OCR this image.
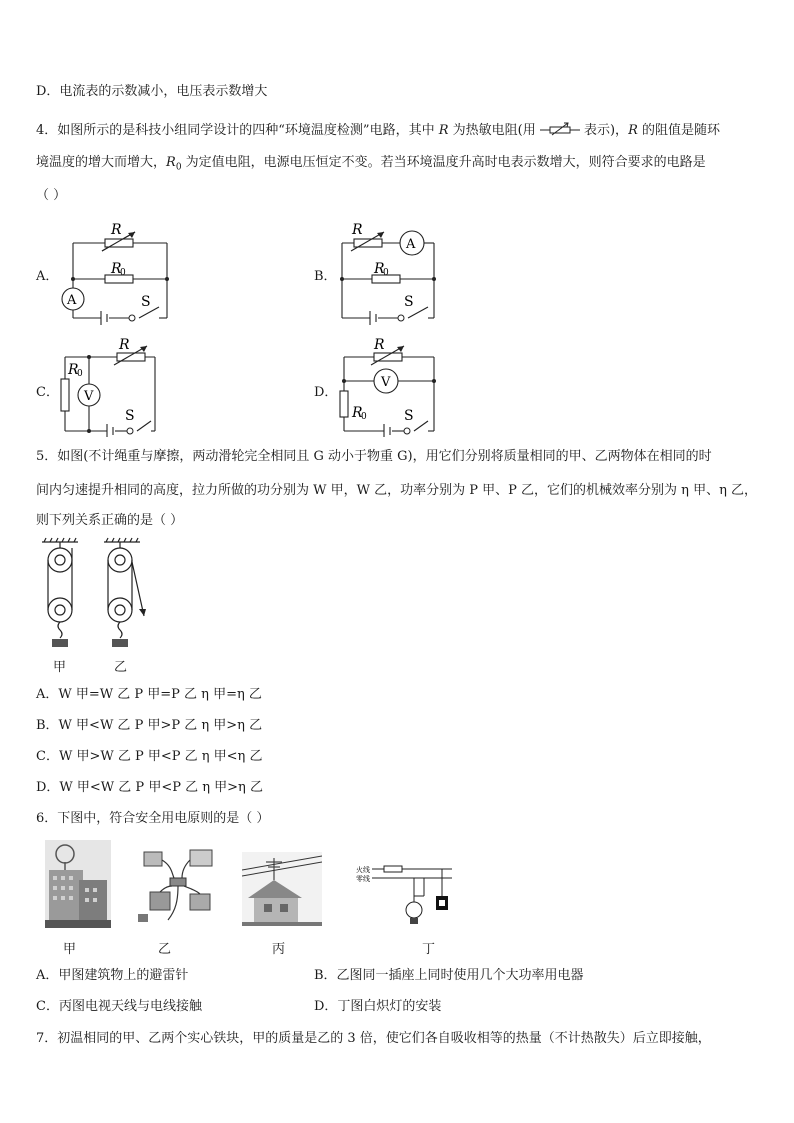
D．电流表的示数减小，电压表示数增大
4．如图所示的是科技小组同学设计的四种“环境温度检测”电路，其中 R 为热敏电阻(用	表示)，R 的阻值是随环
境温度的增大而增大，$R_0$ 为定值电阻，电源电压恒定不变。若当环境温度升高时电表示数增大，则符合要求的电路是
（ ）
A．	B．
C．	D．
R
R
0
S
A
R
R
0
S
A
R
R
0
S
V
R
R
0	S
V
5．如图(不计绳重与摩擦，两动滑轮完全相同且 G 动小于物重 G)，用它们分别将质量相同的甲、乙两物体在相同的时
间内匀速提升相同的高度，拉力所做的功分别为 W 甲，W 乙，功率分别为 P 甲、P 乙，它们的机械效率分别为 η 甲、η 乙，
则下列关系正确的是（ ）
甲	乙
A．W 甲=W 乙 P 甲=P 乙 η 甲=η 乙
B．W 甲<W 乙 P 甲>P 乙 η 甲>η 乙
C．W 甲>W 乙 P 甲<P 乙 η 甲<η 乙
D．W 甲<W 乙 P 甲<P 乙 η 甲>η 乙
6．下图中，符合安全用电原则的是（ ）
火线
零线
甲	乙	丙	丁
A．甲图建筑物上的避雷针	B．乙图同一插座上同时使用几个大功率用电器
C．丙图电视天线与电线接触	D．丁图白炽灯的安装
7．初温相同的甲、乙两个实心铁块，甲的质量是乙的 3 倍，使它们各自吸收相等的热量（不计热散失）后立即接触，
